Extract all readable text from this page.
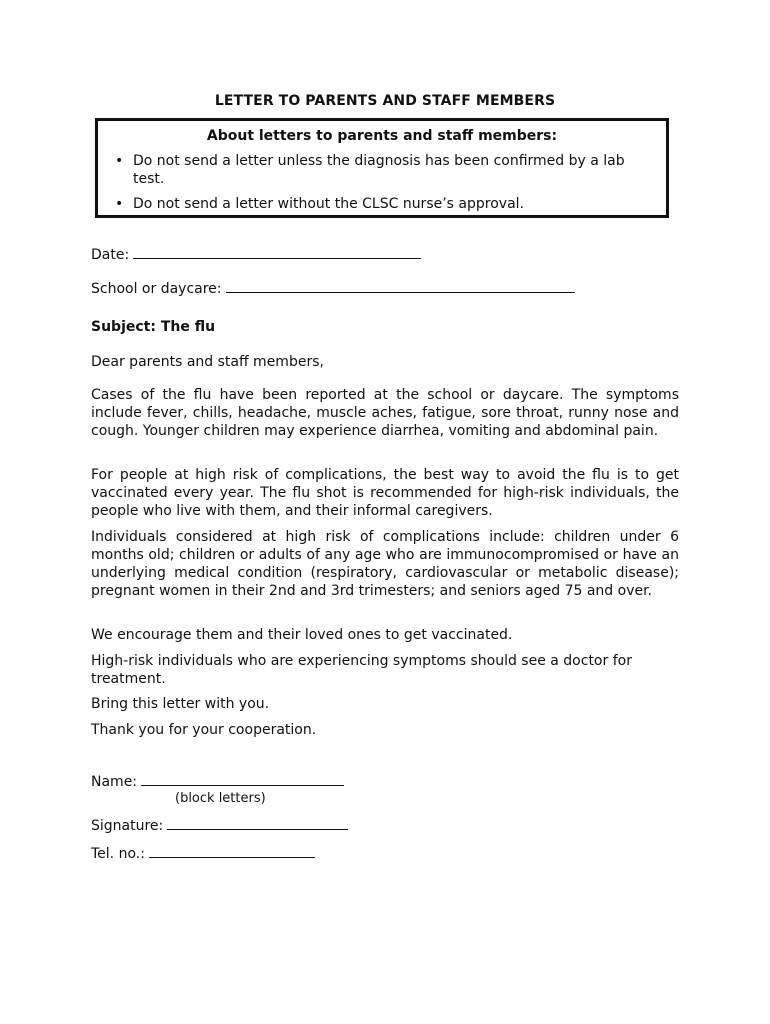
LETTER TO PARENTS AND STAFF MEMBERS
About letters to parents and staff members:
• Do not send a letter unless the diagnosis has been confirmed by a lab test.
• Do not send a letter without the CLSC nurse’s approval.
Date:
School or daycare:
Subject: The flu

Dear parents and staff members,

Cases of the flu have been reported at the school or daycare. The symptoms include fever, chills, headache, muscle aches, fatigue, sore throat, runny nose and cough. Younger children may experience diarrhea, vomiting and abdominal pain.

For people at high risk of complications, the best way to avoid the flu is to get vaccinated every year. The flu shot is recommended for high-risk individuals, the people who live with them, and their informal caregivers.

Individuals considered at high risk of complications include: children under 6 months old; children or adults of any age who are immunocompromised or have an underlying medical condition (respiratory, cardiovascular or metabolic disease); pregnant women in their 2nd and 3rd trimesters; and seniors aged 75 and over.

We encourage them and their loved ones to get vaccinated.

High-risk individuals who are experiencing symptoms should see a doctor for treatment.

Bring this letter with you.

Thank you for your cooperation.

Name:
(block letters)
Signature:
Tel. no.:
